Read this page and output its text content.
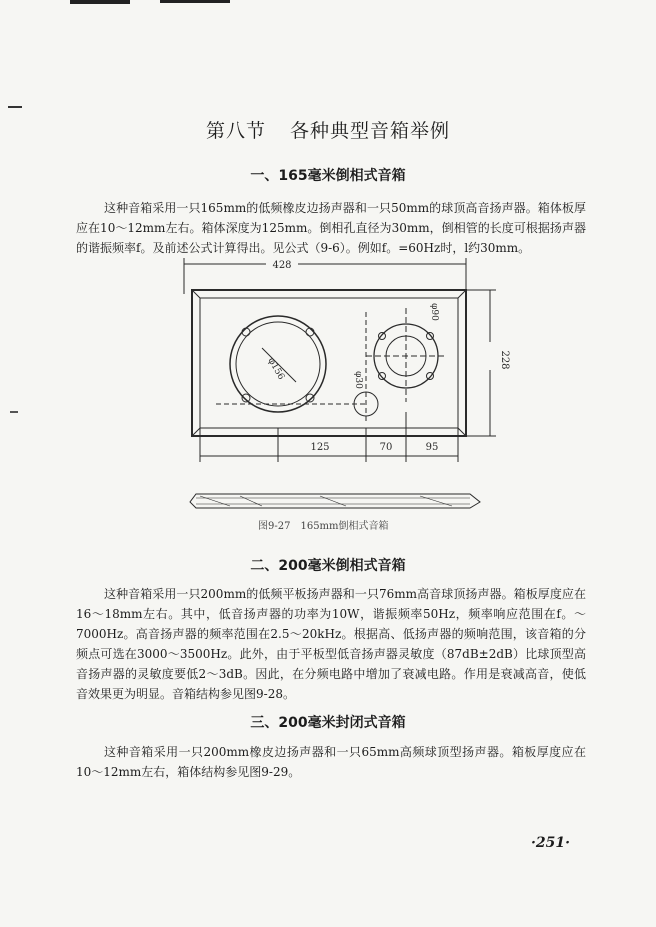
第八节 各种典型音箱举例
一、165毫米倒相式音箱

这种音箱采用一只165mm的低频橡皮边扬声器和一只50mm的球顶高音扬声器。箱体板厚应在10～12mm左右。箱体深度为125mm。倒相孔直径为30mm，倒相管的长度可根据扬声器的谐振频率f。及前述公式计算得出。见公式（9-6）。例如f。=60Hz时，l约30mm。

428
228
125	70	95
φ156
φ90
φ30
图9-27　165mm倒相式音箱
二、200毫米倒相式音箱

这种音箱采用一只200mm的低频平板扬声器和一只76mm高音球顶扬声器。箱板厚度应在16～18mm左右。其中，低音扬声器的功率为10W，谐振频率50Hz，频率响应范围在f。～7000Hz。高音扬声器的频率范围在2.5～20kHz。根据高、低扬声器的频响范围，该音箱的分频点可选在3000～3500Hz。此外，由于平板型低音扬声器灵敏度（87dB±2dB）比球顶型高音扬声器的灵敏度要低2～3dB。因此，在分频电路中增加了衰减电路。作用是衰减高音，使低音效果更为明显。音箱结构参见图9-28。

三、200毫米封闭式音箱

这种音箱采用一只200mm橡皮边扬声器和一只65mm高频球顶型扬声器。箱板厚度应在10～12mm左右，箱体结构参见图9-29。

·251·
